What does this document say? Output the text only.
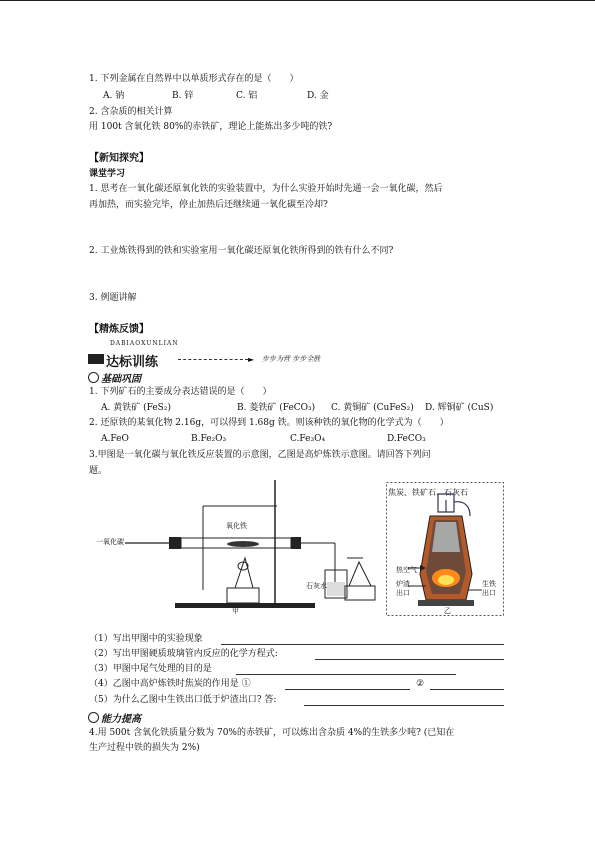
1. 下列金属在自然界中以单质形式存在的是（　　）
A. 钠	B. 锌	C. 铝	D. 金
2. 含杂质的相关计算
用 100t 含氧化铁 80%的赤铁矿，理论上能炼出多少吨的铁?
【新知探究】
课堂学习
1. 思考在一氧化碳还原氧化铁的实验装置中，为什么实验开始时先通一会一氧化碳，然后
再加热，而实验完毕，停止加热后还继续通一氧化碳至冷却?
2. 工业炼铁得到的铁和实验室用一氧化碳还原氧化铁所得到的铁有什么不同?
3. 例题讲解
【精炼反馈】
DABIAOXUNLIAN
达标训练	► 步步为营 步步全胜
基础巩固
1. 下列矿石的主要成分表达错误的是（　　）
A. 黄铁矿 (FeS₂)	B. 菱铁矿 (FeCO₃) C. 黄铜矿 (CuFeS₂) D. 辉铜矿 (CuS)
2. 还原铁的某氧化物 2.16g，可以得到 1.68g 铁。则该种铁的氧化物的化学式为（　　）
A.FeO	B.Fe₂O₃	C.Fe₃O₄	D.FeCO₃
3.甲图是一氧化碳与氧化铁反应装置的示意图，乙图是高炉炼铁示意图。请回答下列问
题。
一氧化碳
氧化铁
石灰水
甲
焦炭、铁矿石、石灰石
热空气
炉渣出口
生铁出口
乙
（1）写出甲图中的实验现象
（2）写出甲图硬质玻璃管内反应的化学方程式:
（3）甲图中尾气处理的目的是
（4）乙图中高炉炼铁时焦炭的作用是 ①	②
（5）为什么乙图中生铁出口低于炉渣出口? 答:
能力提高
4.用 500t 含氧化铁质量分数为 70%的赤铁矿，可以炼出含杂质 4%的生铁多少吨? (已知在
生产过程中铁的损失为 2%)
